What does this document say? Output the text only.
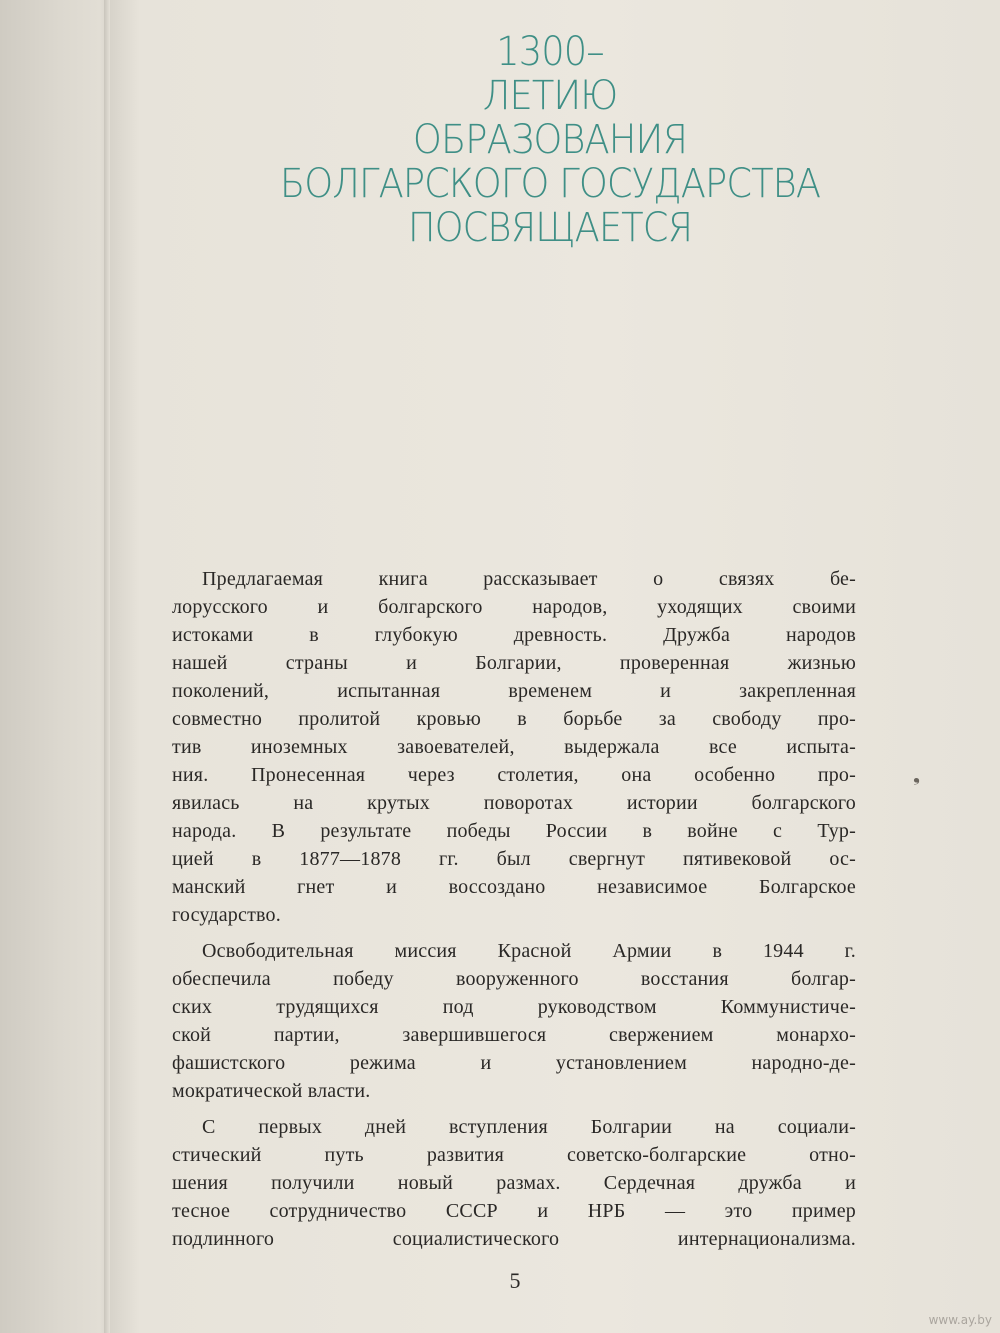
1300–
ЛЕТИЮ
ОБРАЗОВАНИЯ
БОЛГАРСКОГО ГОСУДАРСТВА
ПОСВЯЩАЕТСЯ
Предлагаемая книга рассказывает о связях бе-
лорусского и болгарского народов, уходящих своими
истоками в глубокую древность. Дружба народов
нашей страны и Болгарии, проверенная жизнью
поколений, испытанная временем и закрепленная
совместно пролитой кровью в борьбе за свободу про-
тив иноземных завоевателей, выдержала все испыта-
ния. Пронесенная через столетия, она особенно про-
явилась на крутых поворотах истории болгарского
народа. В результате победы России в войне с Тур-
цией в 1877—1878 гг. был свергнут пятивековой ос-
манский гнет и воссоздано независимое Болгарское
государство.
Освободительная миссия Красной Армии в 1944 г.
обеспечила победу вооруженного восстания болгар-
ских трудящихся под руководством Коммунистиче-
ской партии, завершившегося свержением монархо-
фашистского режима и установлением народно-де-
мократической власти.
С первых дней вступления Болгарии на социали-
стический путь развития советско-болгарские отно-
шения получили новый размах. Сердечная дружба и
тесное сотрудничество СССР и НРБ — это пример
подлинного социалистического интернационализма.
5
❟
www.ay.by
